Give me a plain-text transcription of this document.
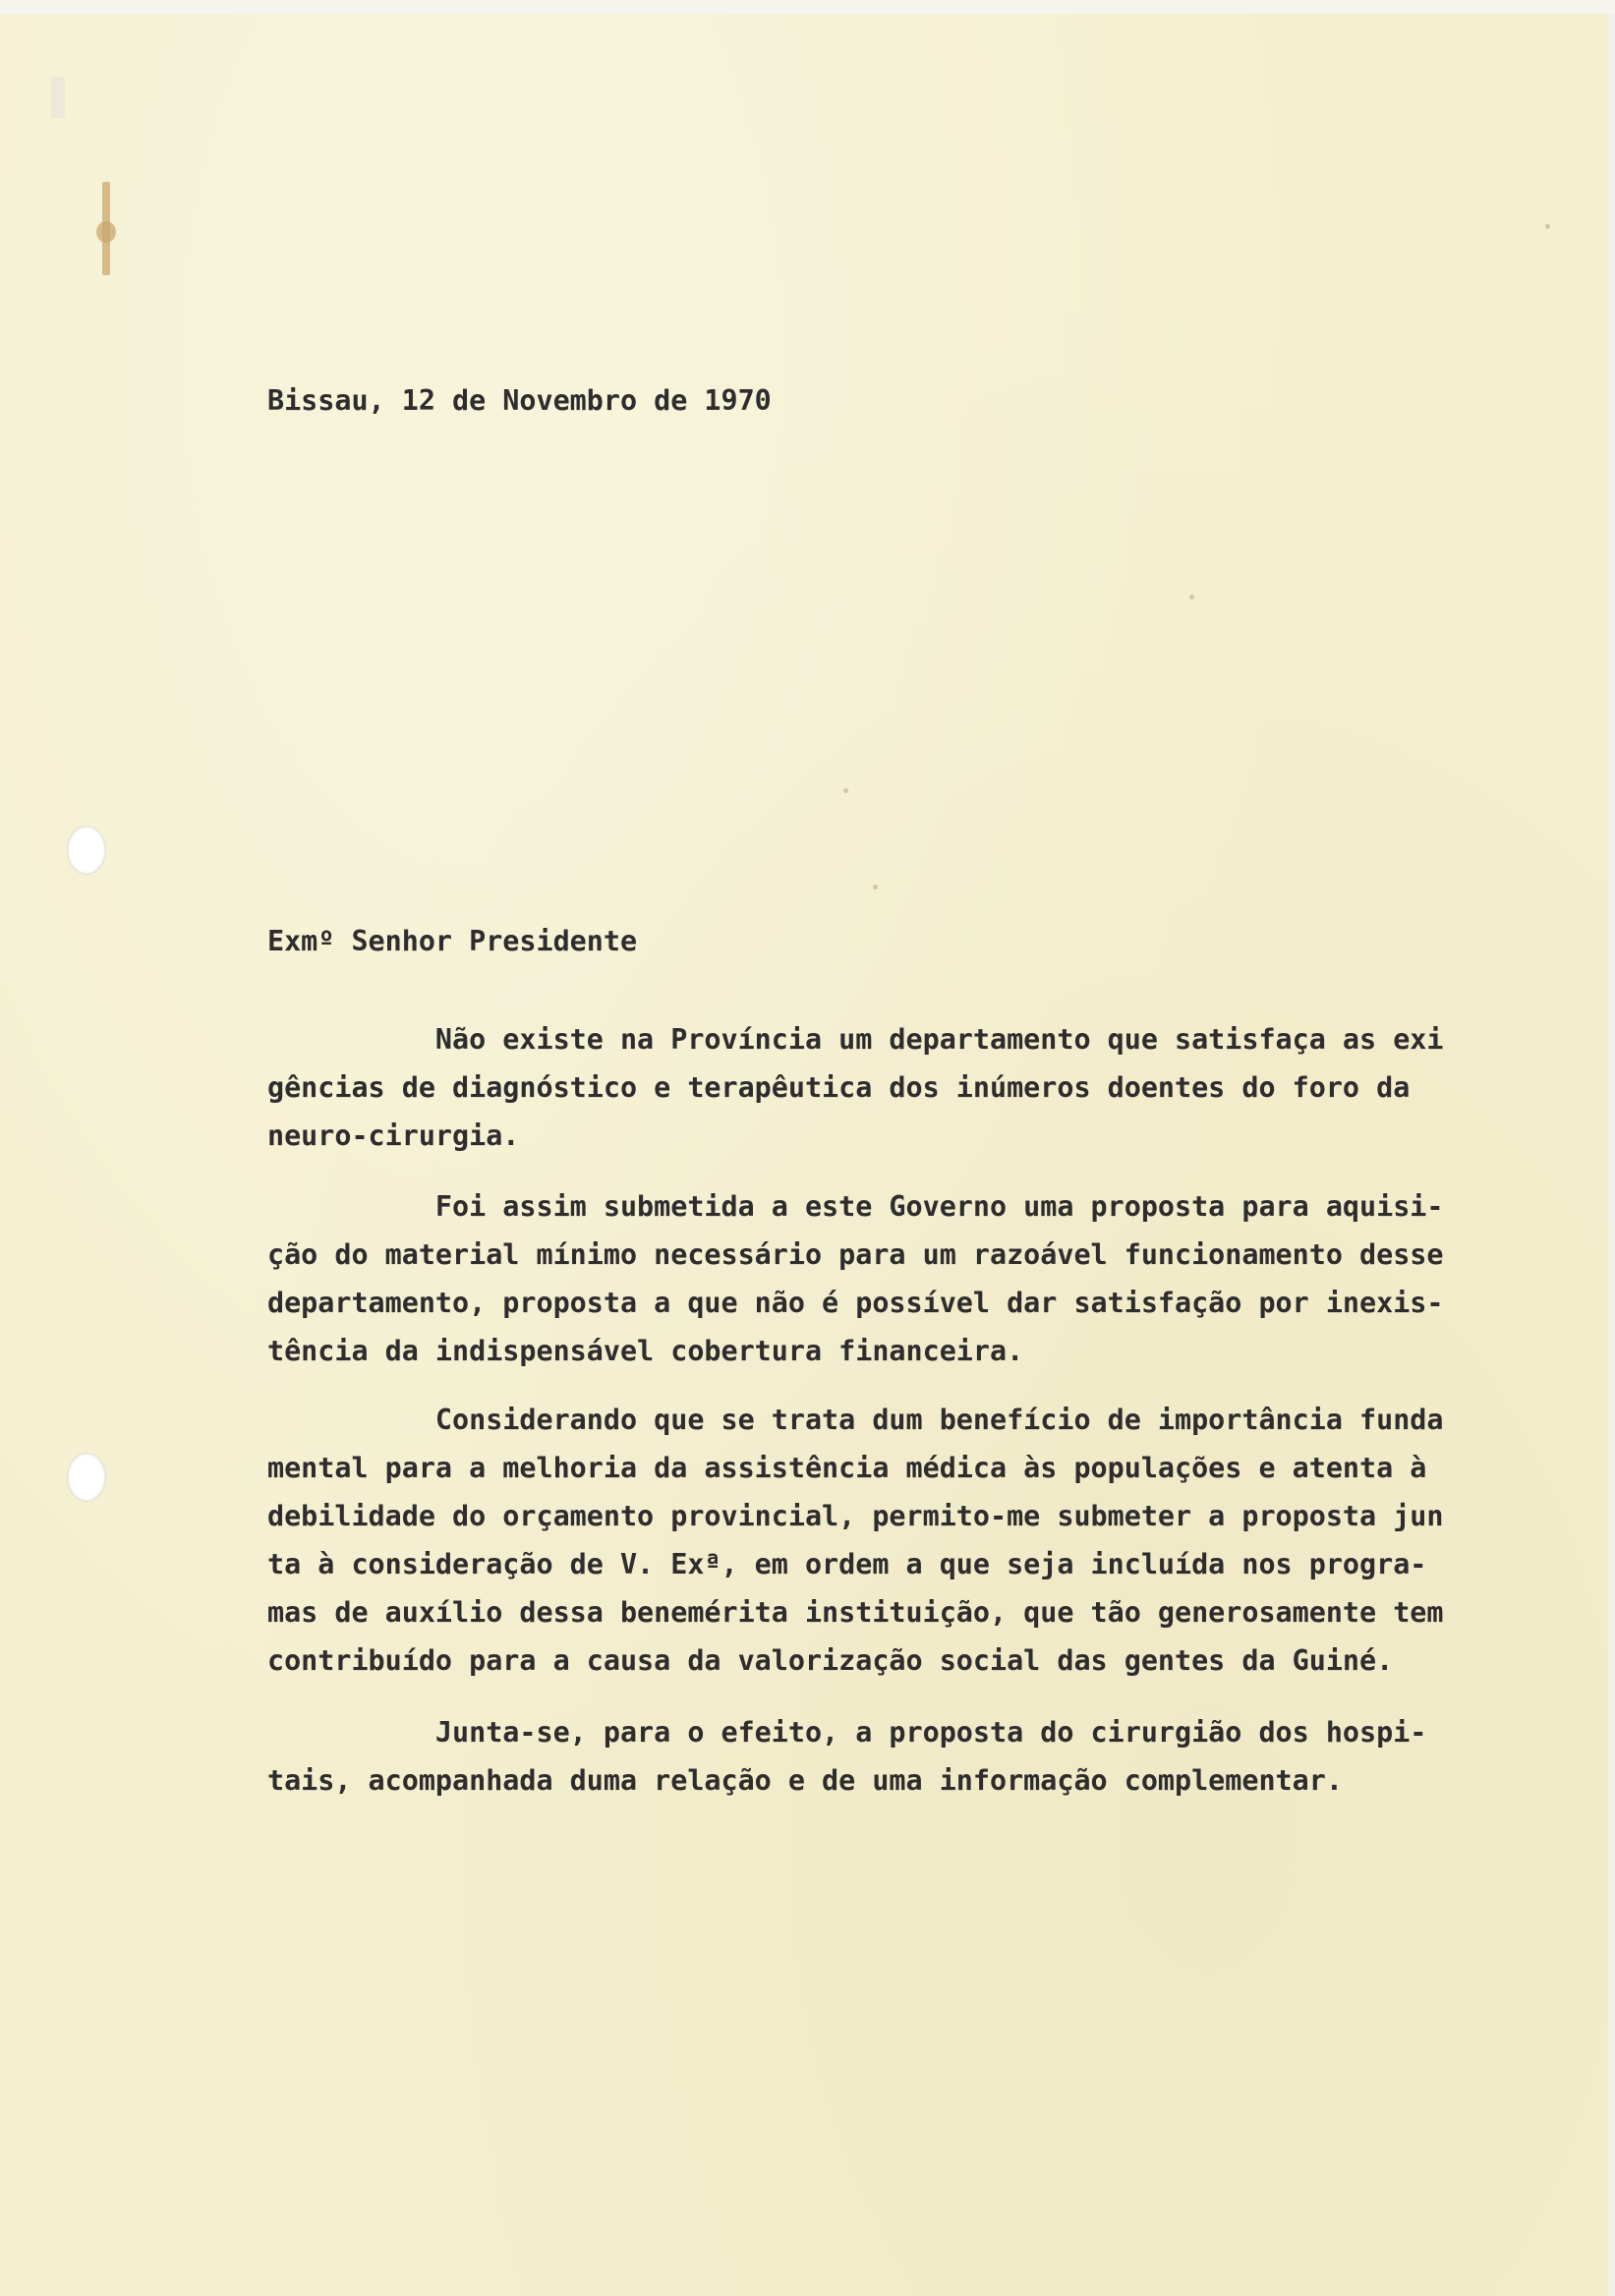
Bissau, 12 de Novembro de 1970

Exmº Senhor Presidente

Não existe na Província um departamento que satisfaça as exi
gências de diagnóstico e terapêutica dos inúmeros doentes do foro da
neuro-cirurgia.
Foi assim submetida a este Governo uma proposta para aquisi-
ção do material mínimo necessário para um razoável funcionamento desse
departamento, proposta a que não é possível dar satisfação por inexis-
tência da indispensável cobertura financeira.
Considerando que se trata dum benefício de importância funda
mental para a melhoria da assistência médica às populações e atenta à
debilidade do orçamento provincial, permito-me submeter a proposta jun
ta à consideração de V. Exª, em ordem a que seja incluída nos progra-
mas de auxílio dessa benemérita instituição, que tão generosamente tem
contribuído para a causa da valorização social das gentes da Guiné.
Junta-se, para o efeito, a proposta do cirurgião dos hospi-
tais, acompanhada duma relação e de uma informação complementar.
